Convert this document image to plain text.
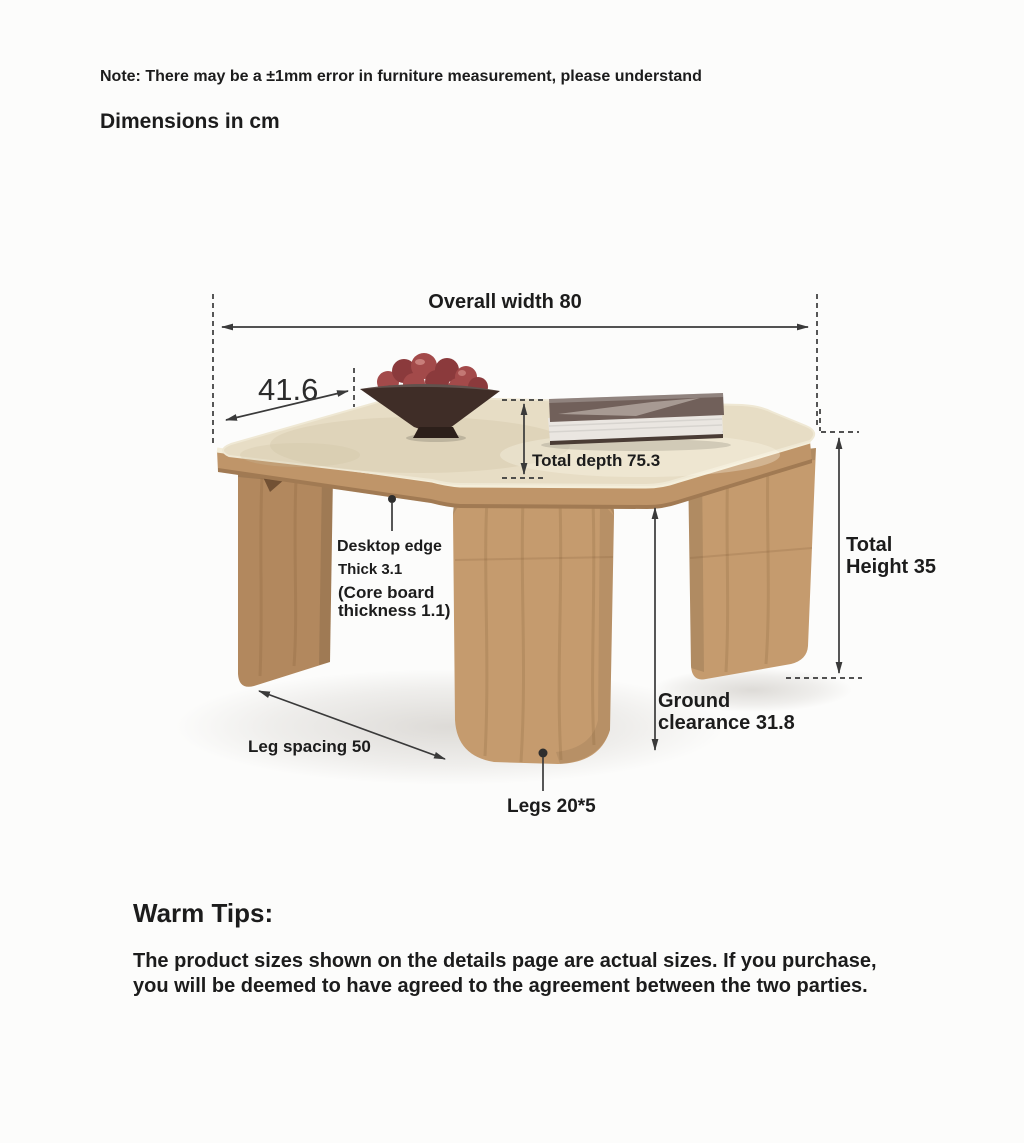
Note: There may be a ±1mm error in furniture measurement, please understand
Dimensions in cm
Overall width 80
41.6
Total depth 75.3
Desktop edge
Thick 3.1
(Core board
thickness 1.1)
Total
Height 35
Ground
clearance 31.8
Leg spacing 50
Legs 20*5
Warm Tips:
The product sizes shown on the details page are actual sizes. If you purchase, you will be deemed to have agreed to the agreement between the two parties.
